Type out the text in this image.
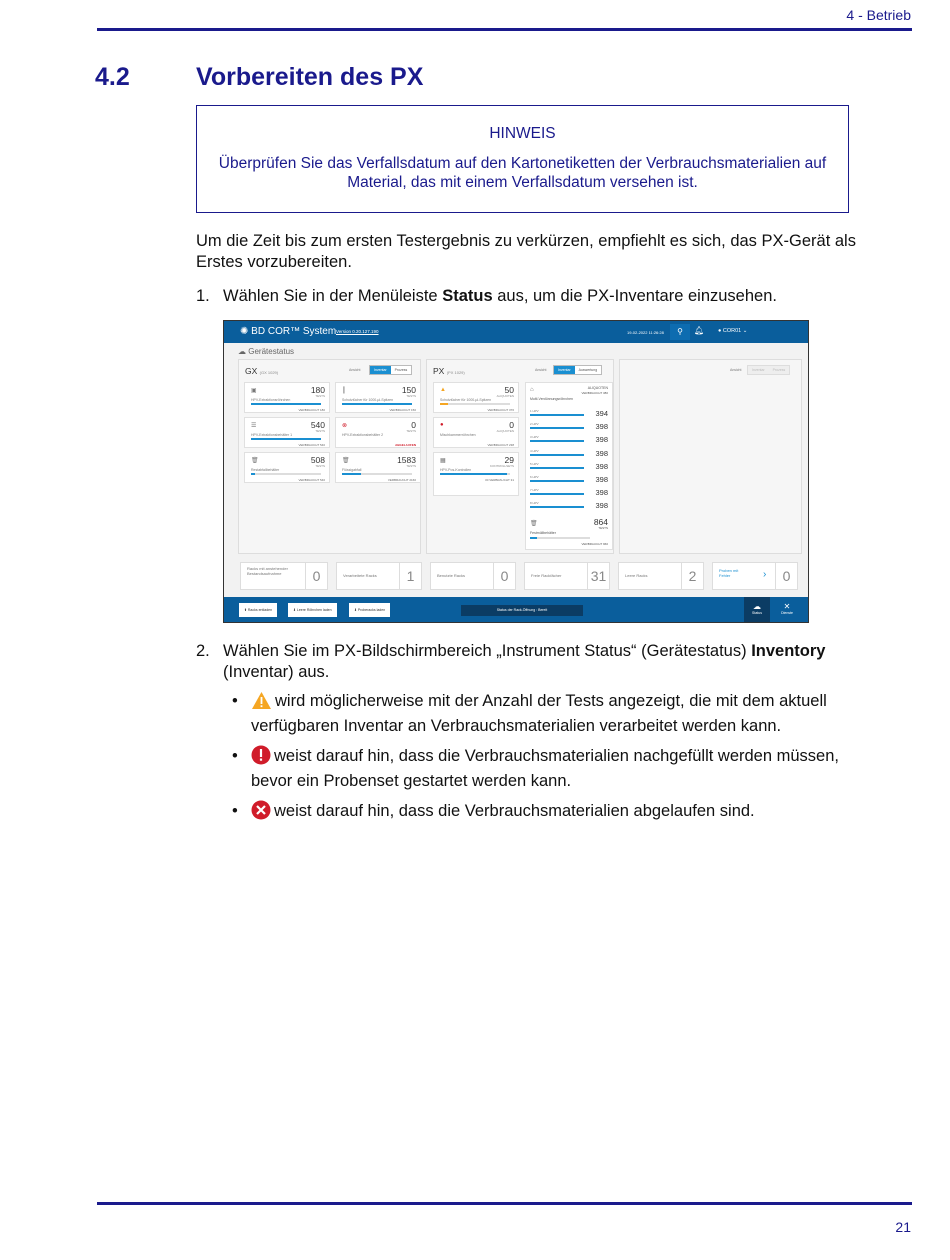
4 - Betrieb
4.2	Vorbereiten des PX
HINWEIS
Überprüfen Sie das Verfallsdatum auf den Kartonetiketten der Verbrauchsmaterialien auf Material, das mit einem Verfallsdatum versehen ist.
Um die Zeit bis zum ersten Testergebnis zu verkürzen, empfiehlt es sich, das PX-Gerät als Erstes vorzubereiten.
1. Wählen Sie in der Menüleiste Status aus, um die PX-Inventare einzusehen.
✺ BD COR™ System Version 0.20.127.190	19-02-2022 11:26:28	⚲	🔔︎	● COR01 ⌄
☁ Gerätestatus
GX (GX 1029)	Ansicht	Inventar Prozess
▣	180
TESTS
HPV-Extraktionsröhrchen
VERBRAUCHT 180
┃	150
TESTS
Schutztücher für 1000-µl-Spitzen
VERBRAUCHT 150
☰	540
TESTS
HPV-Extraktionsbehälter 1
VERBRAUCHT 540
⊗	0
TESTS
HPV-Extraktionsbehälter 2
ABGELAUFEN
🗑︎	508
TESTS
Restabfallbehälter
VERBRAUCHT 540
🗑︎	1583
TESTS
Flüssigabfall
VERBRAUCHT 2160
PX (PX 1029)	Ansicht	Inventar Auswertung
▲	50
ALIQUOTEN
Schutztücher für 1000-µl-Spitzen
VERBRAUCHT 376
●	0
ALIQUOTEN
Mischkammerröhrchen
VERBRAUCHT 238
▦	29
KONTROLLSETS
HPV-Pos-Kontrollen
30 VERBRAUCHT 31
⌂	ALIQUOTEN
VERBRAUCHT 380
Multi-Verdünnungsröhrchen
1 HPV	394
2 HPV	398
3 HPV	398
4 HPV	398
5 HPV	398
6 HPV	398
7 HPV	398
8 HPV	398
🗑︎	864
TESTS
Festmüllbehälter
VERBRAUCHT 960
Ansicht	Inventar Prozess
Racks mit anstehender Bestandsaufnahme	0	Verarbeitete Racks	1	Benutzte Racks	0	Freie Rackfächer 31	Leere Racks	2	Proben mit Fehler	›	0
⬆ Racks entladen	⬇ Leere Röhrchen laden	⬇ Proberacks laden	Status der Rack-Öffnung : Bereit	☁
Status
✕
Dienste
2. Wählen Sie im PX-Bildschirmbereich „Instrument Status“ (Gerätestatus) Inventory (Inventar) aus.
•	wird möglicherweise mit der Anzahl der Tests angezeigt, die mit dem aktuell verfügbaren Inventar an Verbrauchsmaterialien verarbeitet werden kann.
•	weist darauf hin, dass die Verbrauchsmaterialien nachgefüllt werden müssen, bevor ein Probenset gestartet werden kann.
•	weist darauf hin, dass die Verbrauchsmaterialien abgelaufen sind.
21
